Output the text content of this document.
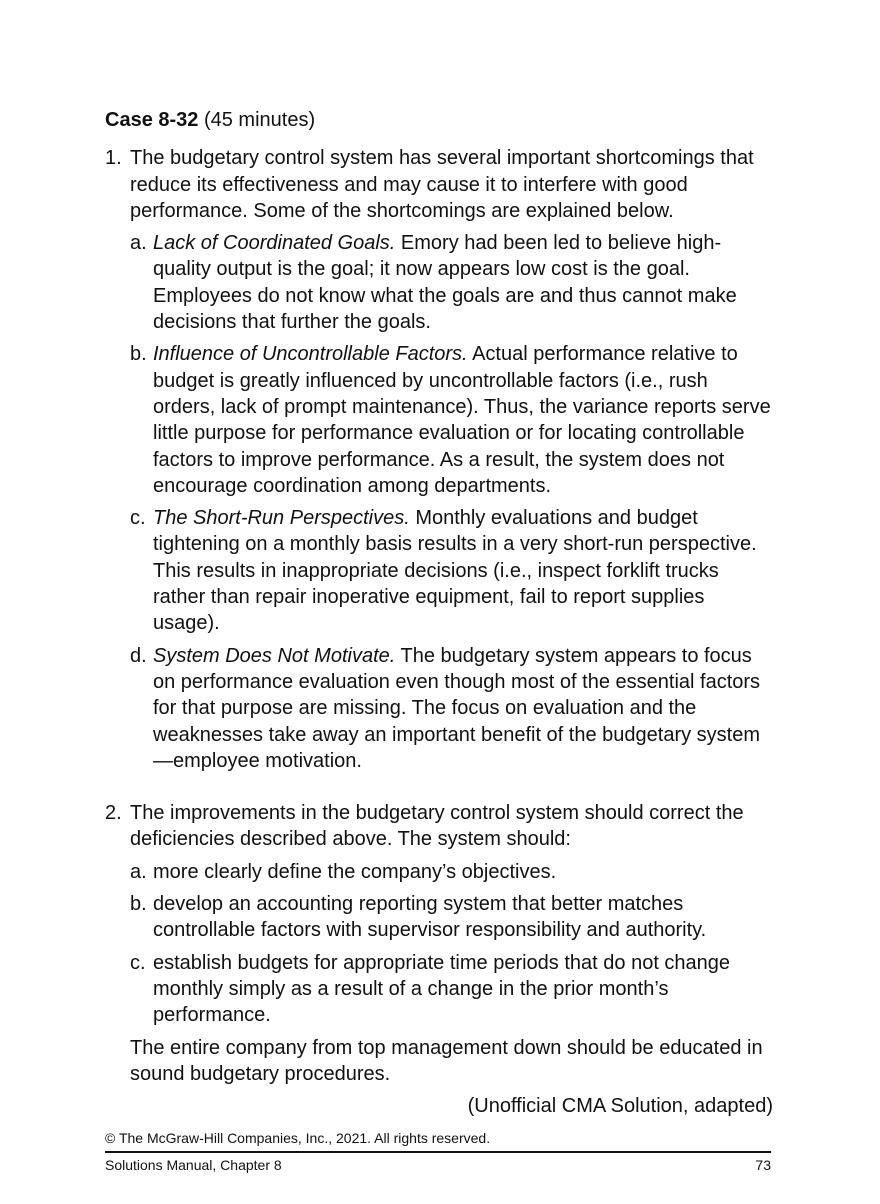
Case 8-32 (45 minutes)
1. The budgetary control system has several important shortcomings that reduce its effectiveness and may cause it to interfere with good performance. Some of the shortcomings are explained below.
a. Lack of Coordinated Goals. Emory had been led to believe high-quality output is the goal; it now appears low cost is the goal. Employees do not know what the goals are and thus cannot make decisions that further the goals.
b. Influence of Uncontrollable Factors. Actual performance relative to budget is greatly influenced by uncontrollable factors (i.e., rush orders, lack of prompt maintenance). Thus, the variance reports serve little purpose for performance evaluation or for locating controllable factors to improve performance. As a result, the system does not encourage coordination among departments.
c. The Short-Run Perspectives. Monthly evaluations and budget tightening on a monthly basis results in a very short-run perspective. This results in inappropriate decisions (i.e., inspect forklift trucks rather than repair inoperative equipment, fail to report supplies usage).
d. System Does Not Motivate. The budgetary system appears to focus on performance evaluation even though most of the essential factors for that purpose are missing. The focus on evaluation and the weaknesses take away an important benefit of the budgetary system—employee motivation.
2. The improvements in the budgetary control system should correct the deficiencies described above. The system should:
a. more clearly define the company’s objectives.
b. develop an accounting reporting system that better matches controllable factors with supervisor responsibility and authority.
c. establish budgets for appropriate time periods that do not change monthly simply as a result of a change in the prior month’s performance.
The entire company from top management down should be educated in sound budgetary procedures.
(Unofficial CMA Solution, adapted)
© The McGraw-Hill Companies, Inc., 2021. All rights reserved.
Solutions Manual, Chapter 8	73
